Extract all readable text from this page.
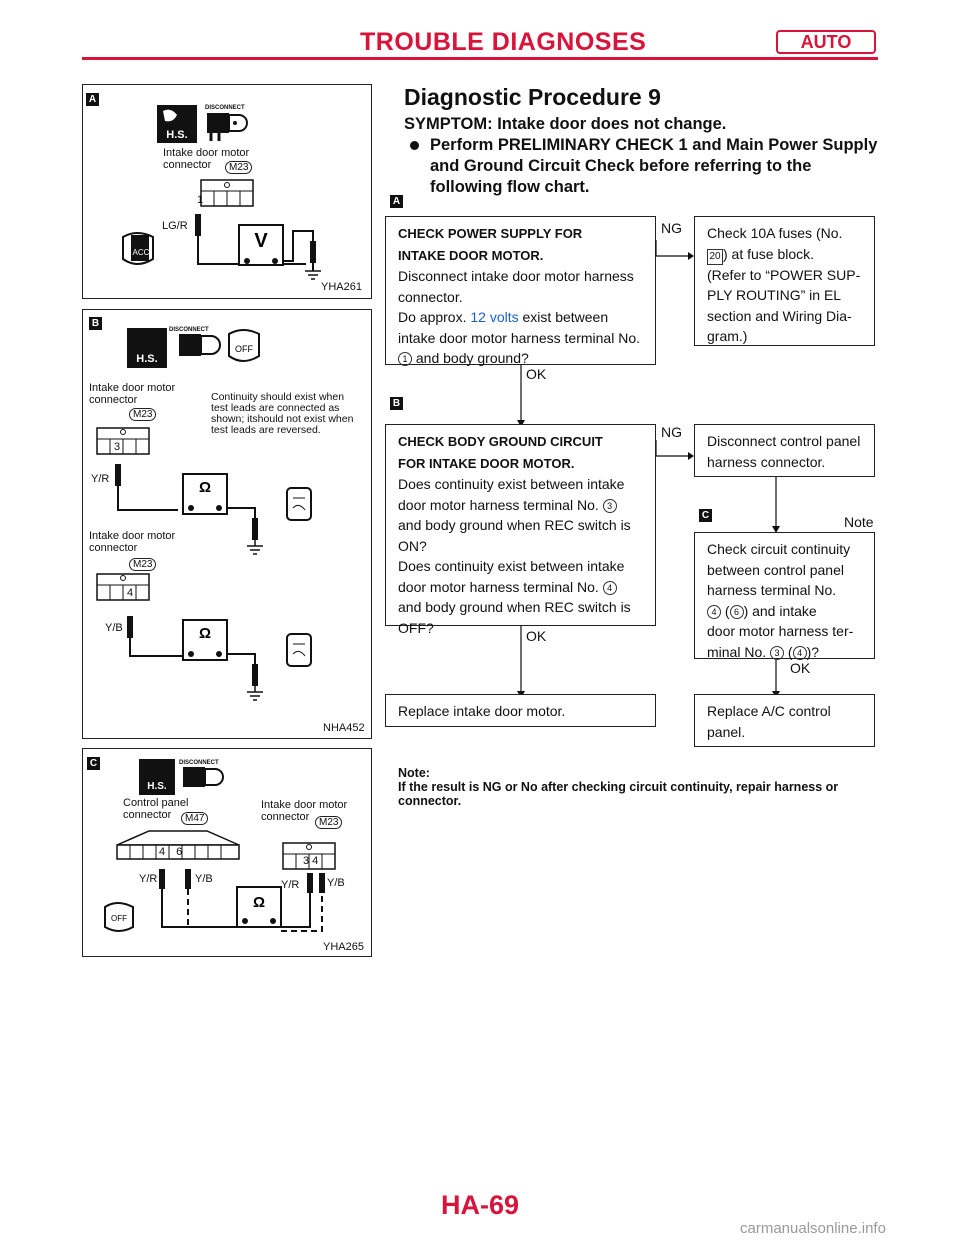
TROUBLE DIAGNOSES	AUTO
A
H.S.
V
ACC
Intake door motor connector	M23
1
LG/R
DISCONNECT
YHA261
B
H.S.
OFF
Ω
Ω
DISCONNECT
Intake door motor connector	Continuity should exist when test leads are connected as shown; itshould not exist when test leads are reversed.
M23
3
Y/R
Intake door motor connector
M23
4
Y/B
NHA452
C
H.S.
Ω
OFF
DISCONNECT
Control panel connector	M47
Intake door motor connector M23
4 6
3 4
Y/R	Y/B	Y/R	Y/B
YHA265
Diagnostic Procedure 9
SYMPTOM: Intake door does not change.
Perform PRELIMINARY CHECK 1 and Main Power Supply and Ground Circuit Check before referring to the following flow chart.
A
CHECK POWER SUPPLY FOR
INTAKE DOOR MOTOR.
Disconnect intake door motor harness
connector.
Do approx. 12 volts exist between
intake door motor harness terminal No.
1 and body ground?
Check 10A fuses (No.
20 ) at fuse block.
(Refer to “POWER SUP-
PLY ROUTING” in EL
section and Wiring Dia-
gram.)
NG
OK
B
CHECK BODY GROUND CIRCUIT
FOR INTAKE DOOR MOTOR.
Does continuity exist between intake
door motor harness terminal No. 3
and body ground when REC switch is
ON?
Does continuity exist between intake
door motor harness terminal No. 4
and body ground when REC switch is
OFF?
NG
Disconnect control panel
harness connector.
C	Note
Check circuit continuity
between control panel
harness terminal No.
4 ( 6 ) and intake
door motor harness ter-
minal No. 3 ( 4 )?
OK
OK
Replace intake door motor.	Replace A/C control
panel.
Note:
If the result is NG or No after checking circuit continuity, repair harness or connector.
HA-69
carmanualsonline.info
